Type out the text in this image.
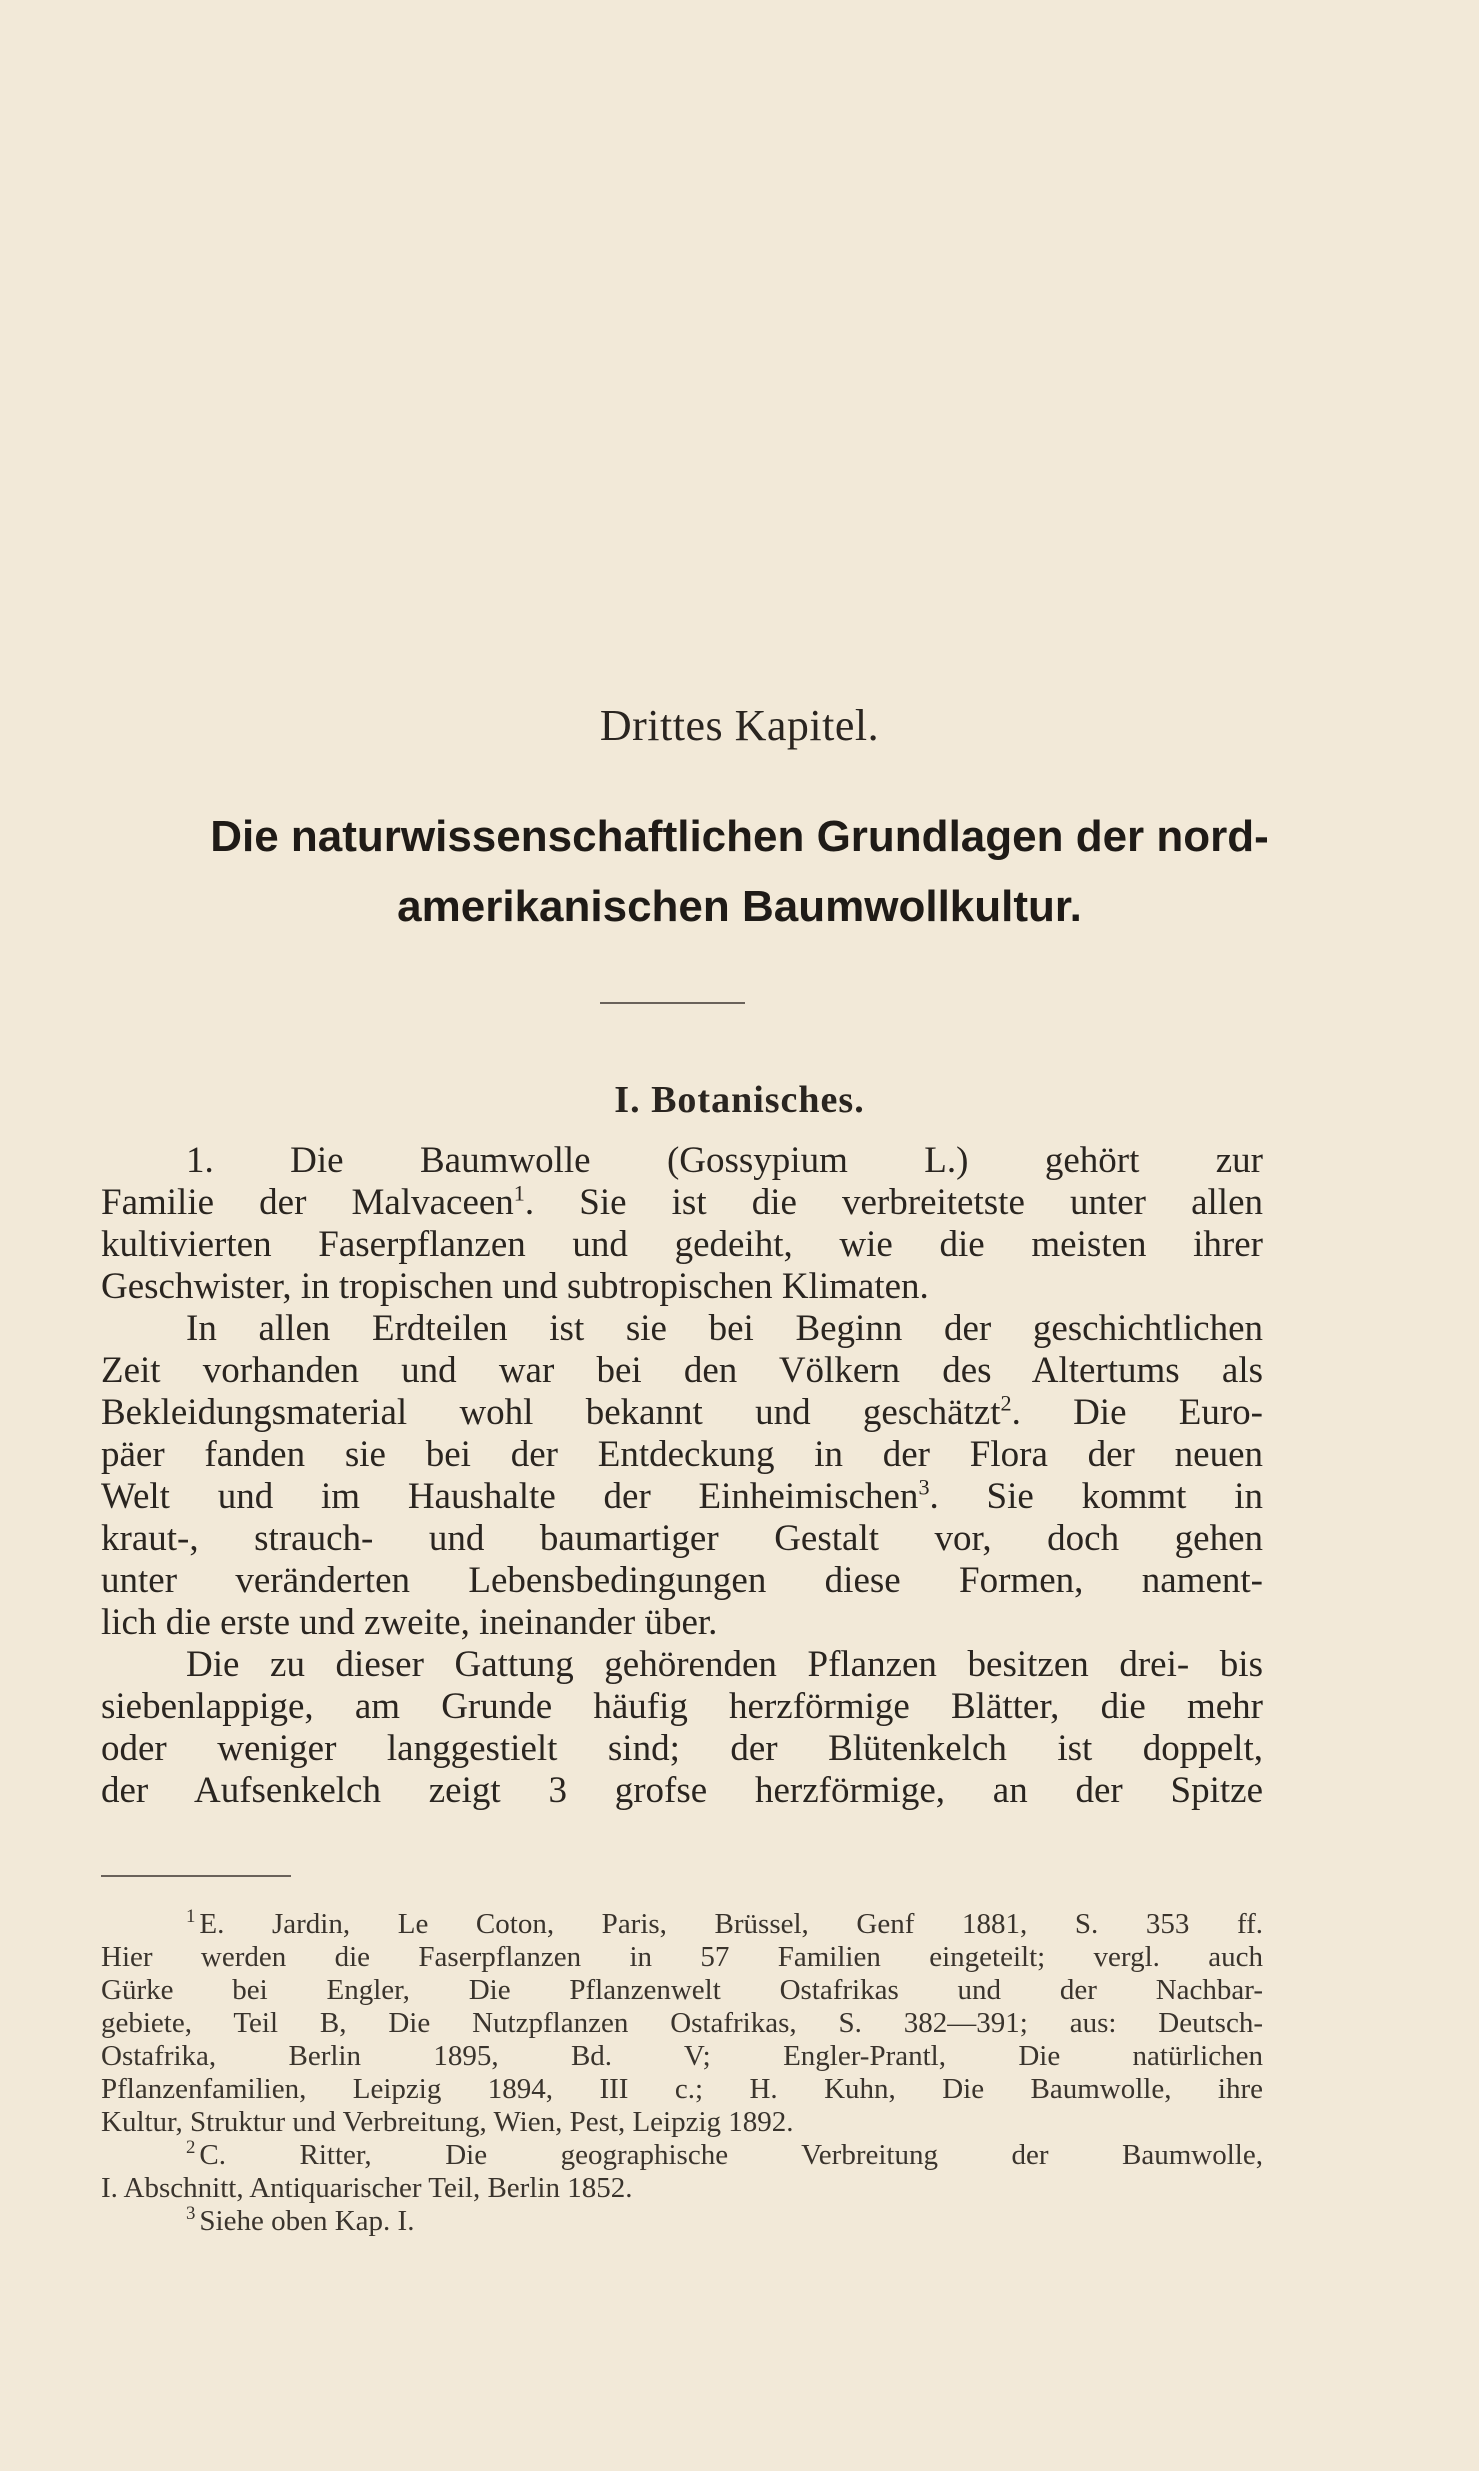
Drittes Kapitel.
Die naturwissenschaftlichen Grundlagen der nord-
amerikanischen Baumwollkultur.
I. Botanisches.
1. Die Baumwolle (Gossypium L.) gehört zur
Familie der Malvaceen$^1$. Sie ist die verbreitetste unter allen
kultivierten Faserpflanzen und gedeiht, wie die meisten ihrer
Geschwister, in tropischen und subtropischen Klimaten.
In allen Erdteilen ist sie bei Beginn der geschichtlichen
Zeit vorhanden und war bei den Völkern des Altertums als
Bekleidungsmaterial wohl bekannt und geschätzt$^2$. Die Euro-
päer fanden sie bei der Entdeckung in der Flora der neuen
Welt und im Haushalte der Einheimischen$^3$. Sie kommt in
kraut-, strauch- und baumartiger Gestalt vor, doch gehen
unter veränderten Lebensbedingungen diese Formen, nament-
lich die erste und zweite, ineinander über.
Die zu dieser Gattung gehörenden Pflanzen besitzen drei- bis
siebenlappige, am Grunde häufig herzförmige Blätter, die mehr
oder weniger langgestielt sind; der Blütenkelch ist doppelt,
der Aufsenkelch zeigt 3 grofse herzförmige, an der Spitze
$^1$ E. Jardin, Le Coton, Paris, Brüssel, Genf 1881, S. 353 ff.
Hier werden die Faserpflanzen in 57 Familien eingeteilt; vergl. auch
Gürke bei Engler, Die Pflanzenwelt Ostafrikas und der Nachbar-
gebiete, Teil B, Die Nutzpflanzen Ostafrikas, S. 382—391; aus: Deutsch-
Ostafrika, Berlin 1895, Bd. V; Engler-Prantl, Die natürlichen
Pflanzenfamilien, Leipzig 1894, III c.; H. Kuhn, Die Baumwolle, ihre
Kultur, Struktur und Verbreitung, Wien, Pest, Leipzig 1892.
$^2$ C. Ritter, Die geographische Verbreitung der Baumwolle,
I. Abschnitt, Antiquarischer Teil, Berlin 1852.
$^3$ Siehe oben Kap. I.
